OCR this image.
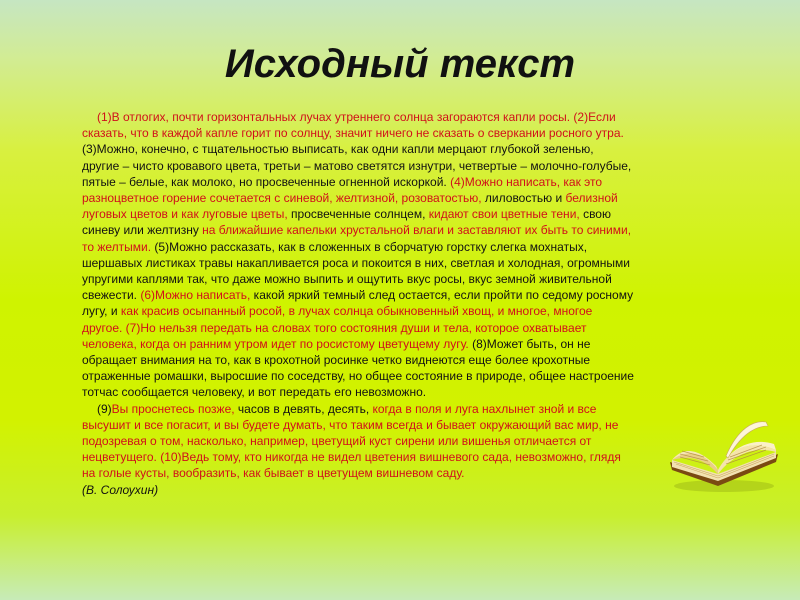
Исходный текст

(1)В отлогих, почти горизонтальных лучах утреннего солнца загораются капли росы. (2)Если сказать, что в каждой капле горит по солнцу, значит ничего не сказать о сверкании росного утра. (3)Можно, конечно, с тщательностью выписать, как одни капли мерцают глубокой зеленью, другие – чисто кровавого цвета, третьи – матово светятся изнутри, четвертые – молочно-голубые, пятые – белые, как молоко, но просвеченные огненной искоркой. (4)Можно написать, как это разноцветное горение сочетается с синевой, желтизной, розоватостью, лиловостью и белизной луговых цветов и как луговые цветы, просвеченные солнцем, кидают свои цветные тени, свою синеву или желтизну на ближайшие капельки хрустальной влаги и заставляют их быть то синими, то желтыми. (5)Можно рассказать, как в сложенных в сборчатую горстку слегка мохнатых, шершавых листиках травы накапливается роса и покоится в них, светлая и холодная, огромными упругими каплями так, что даже можно выпить и ощутить вкус росы, вкус земной живительной свежести. (6)Можно написать, какой яркий темный след остается, если пройти по седому росному лугу, и как красив осыпанный росой, в лучах солнца обыкновенный хвощ, и многое, многое другое. (7)Но нельзя передать на словах того состояния души и тела, которое охватывает человека, когда он ранним утром идет по росистому цветущему лугу. (8)Может быть, он не обращает внимания на то, как в крохотной росинке четко виднеются еще более крохотные отраженные ромашки, выросшие по соседству, но общее состояние в природе, общее настроение тотчас сообщается человеку, и вот передать его невозможно.

(9)Вы проснетесь позже, часов в девять, десять, когда в поля и луга нахлынет зной и все высушит и все погасит, и вы будете думать, что таким всегда и бывает окружающий вас мир, не подозревая о том, насколько, например, цветущий куст сирени или вишенья отличается от нецветущего. (10)Ведь тому, кто никогда не видел цветения вишневого сада, невозможно, глядя на голые кусты, вообразить, как бывает в цветущем вишневом саду.

(В. Солоухин)
